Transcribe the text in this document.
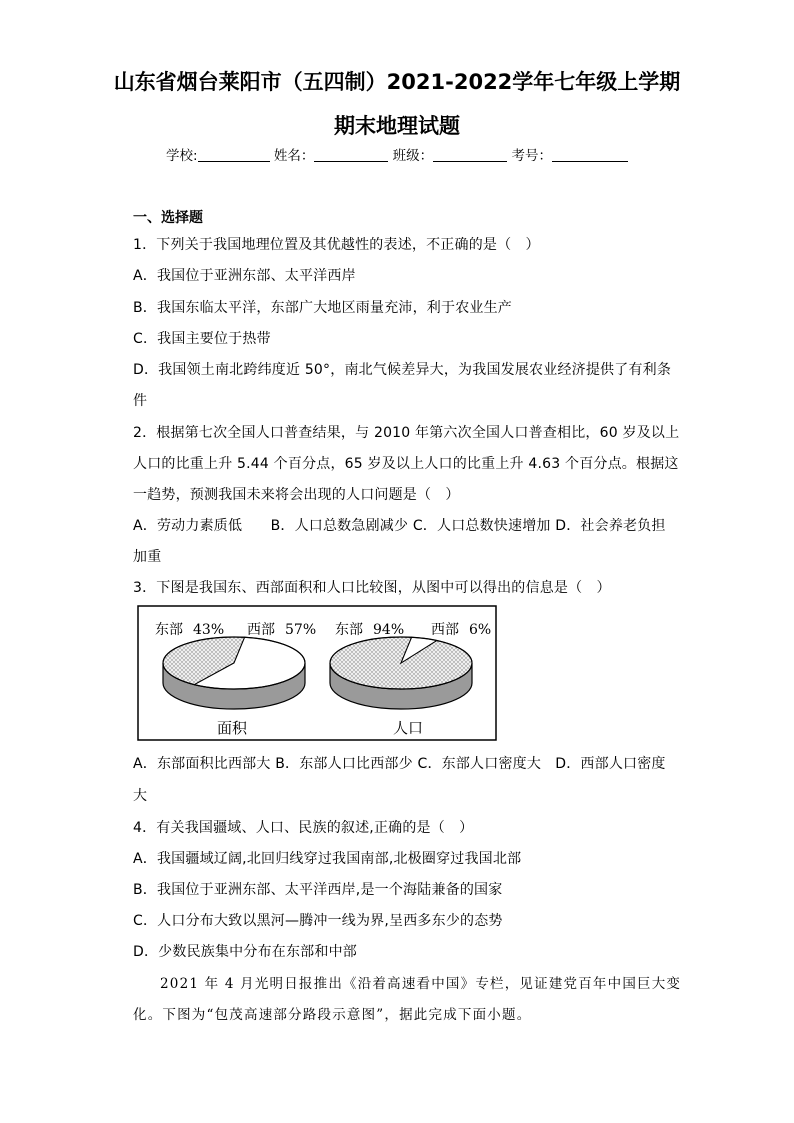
山东省烟台莱阳市（五四制）2021-2022学年七年级上学期
期末地理试题
学校:	姓名：	班级：	考号：
一、选择题
1．下列关于我国地理位置及其优越性的表述，不正确的是（　）
A．我国位于亚洲东部、太平洋西岸
B．我国东临太平洋，东部广大地区雨量充沛，利于农业生产
C．我国主要位于热带
D．我国领土南北跨纬度近 50°，南北气候差异大，为我国发展农业经济提供了有利条
件
2．根据第七次全国人口普查结果，与 2010 年第六次全国人口普查相比，60 岁及以上
人口的比重上升 5.44 个百分点，65 岁及以上人口的比重上升 4.63 个百分点。根据这
一趋势，预测我国未来将会出现的人口问题是（　）
A．劳动力素质低　　B．人口总数急剧减少 C．人口总数快速增加 D．社会养老负担
加重
3．下图是我国东、西部面积和人口比较图，从图中可以得出的信息是（　）
东部 43% 西部 57% 东部 94% 西部 6%
面积	人口
A．东部面积比西部大 B．东部人口比西部少 C．东部人口密度大　D．西部人口密度
大
4．有关我国疆域、人口、民族的叙述,正确的是（　）
A．我国疆域辽阔,北回归线穿过我国南部,北极圈穿过我国北部
B．我国位于亚洲东部、太平洋西岸,是一个海陆兼备的国家
C．人口分布大致以黑河—腾冲一线为界,呈西多东少的态势
D．少数民族集中分布在东部和中部
2021 年 4 月光明日报推出《沿着高速看中国》专栏，见证建党百年中国巨大变
化。下图为“包茂高速部分路段示意图”，据此完成下面小题。
